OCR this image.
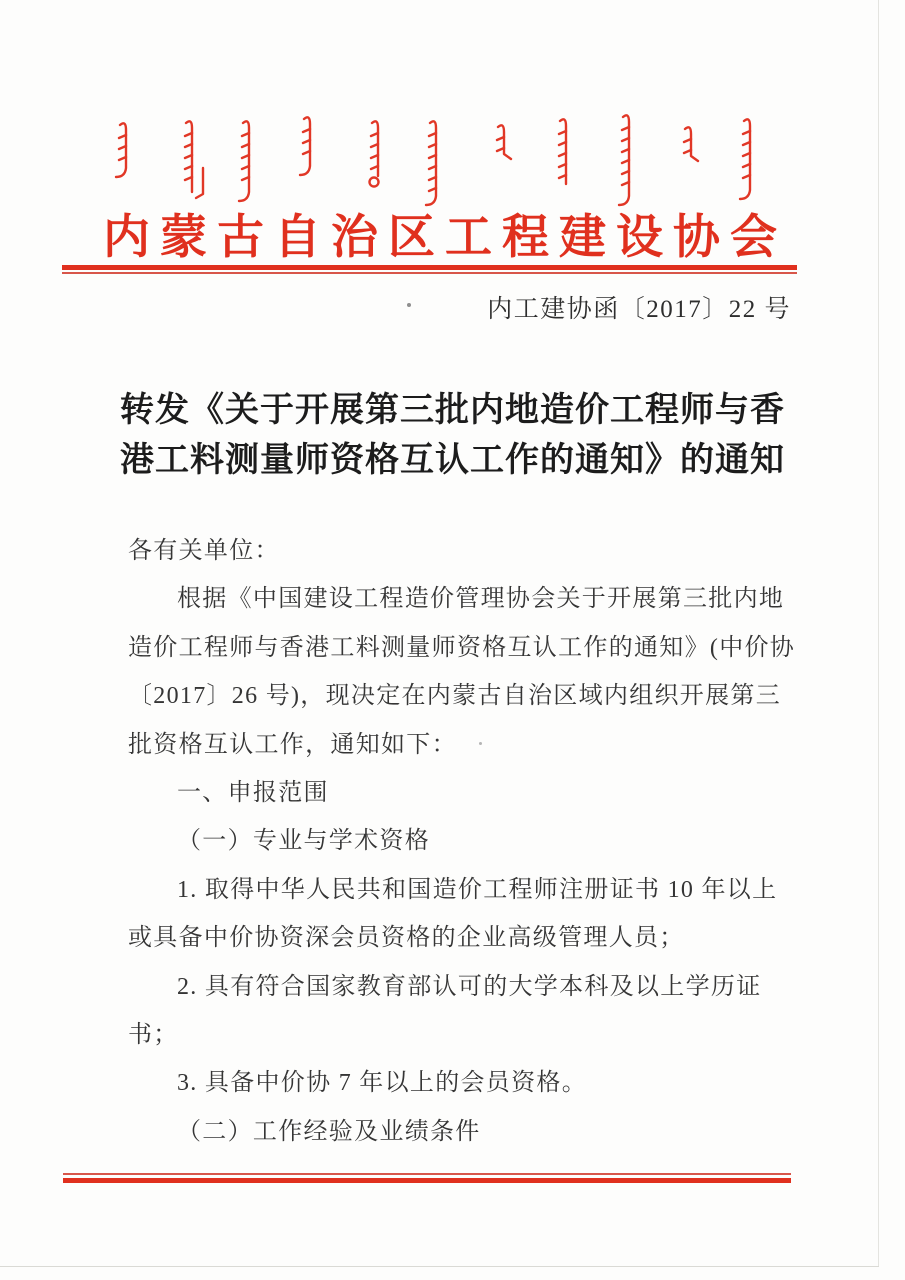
内蒙古自治区工程建设协会
内工建协函〔2017〕22 号
转发《关于开展第三批内地造价工程师与香
港工料测量师资格互认工作的通知》的通知
各有关单位：
根据《中国建设工程造价管理协会关于开展第三批内地
造价工程师与香港工料测量师资格互认工作的通知》(中价协
〔2017〕26 号)，现决定在内蒙古自治区域内组织开展第三
批资格互认工作，通知如下：
一、申报范围
（一）专业与学术资格
1. 取得中华人民共和国造价工程师注册证书 10 年以上
或具备中价协资深会员资格的企业高级管理人员；
2. 具有符合国家教育部认可的大学本科及以上学历证
书；
3. 具备中价协 7 年以上的会员资格。
（二）工作经验及业绩条件
